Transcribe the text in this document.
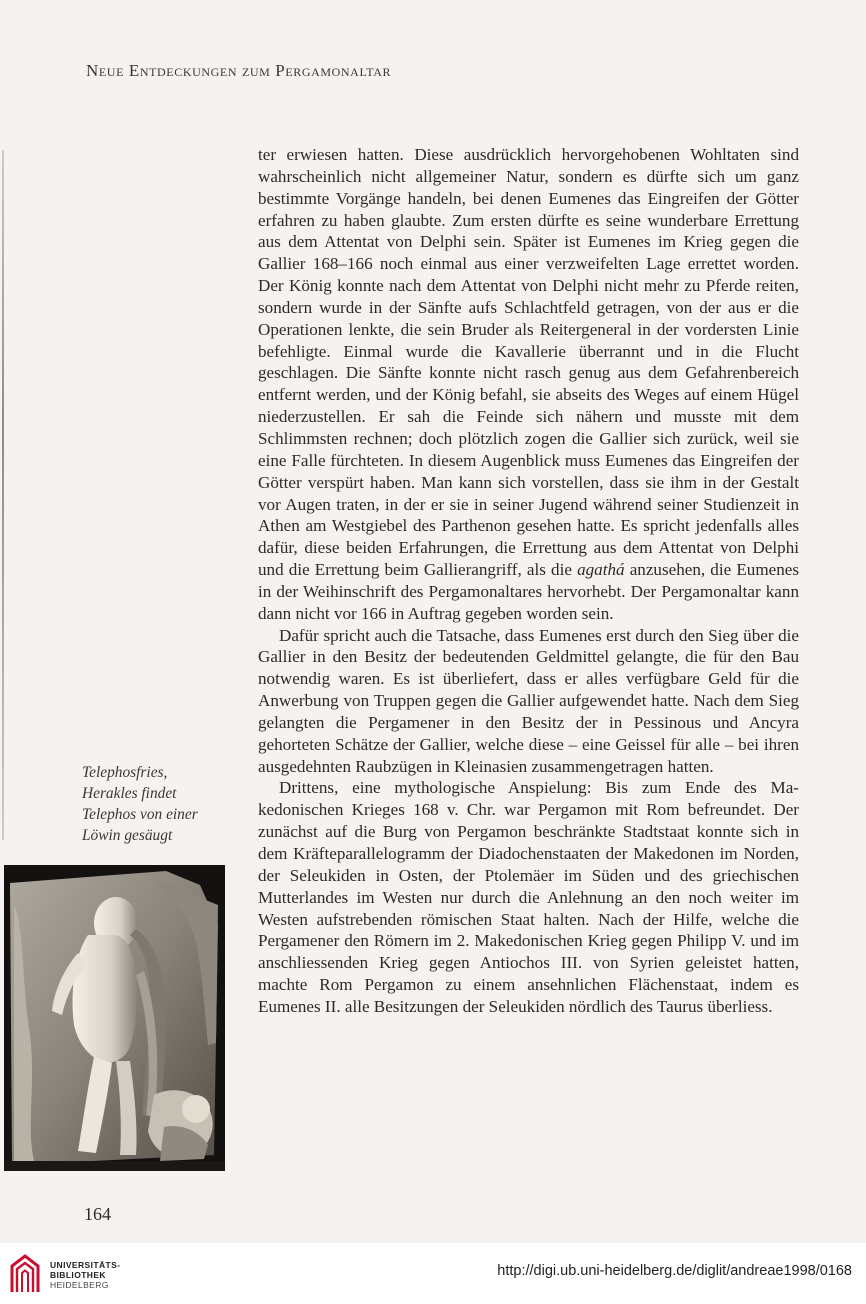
Neue Entdeckungen zum Pergamonaltar

ter erwiesen hatten. Diese ausdrücklich hervorgehobenen Wohltaten sind wahrscheinlich nicht allgemeiner Natur, sondern es dürfte sich um ganz bestimmte Vorgänge handeln, bei denen Eumenes das Eingreifen der Götter erfahren zu haben glaubte. Zum ersten dürfte es seine wunderbare Errettung aus dem Attentat von Delphi sein. Später ist Eumenes im Krieg gegen die Gallier 168–166 noch einmal aus einer verzweifelten Lage errettet worden. Der König konnte nach dem Attentat von Delphi nicht mehr zu Pferde reiten, sondern wurde in der Sänfte aufs Schlachtfeld getragen, von der aus er die Operationen lenkte, die sein Bruder als Reitergeneral in der vordersten Linie befehligte. Einmal wurde die Kavallerie überrannt und in die Flucht geschlagen. Die Sänfte konnte nicht rasch genug aus dem Gefahrenbereich entfernt werden, und der König befahl, sie abseits des Weges auf einem Hügel niederzustellen. Er sah die Feinde sich nähern und musste mit dem Schlimmsten rechnen; doch plötzlich zogen die Gallier sich zurück, weil sie eine Falle fürchteten. In diesem Augenblick muss Eumenes das Eingreifen der Götter verspürt haben. Man kann sich vorstellen, dass sie ihm in der Gestalt vor Augen traten, in der er sie in seiner Jugend während seiner Studienzeit in Athen am Westgiebel des Parthenon gesehen hatte. Es spricht jedenfalls alles dafür, diese beiden Erfahrungen, die Errettung aus dem Attentat von Delphi und die Errettung beim Gallierangriff, als die agathá anzusehen, die Eumenes in der Weihinschrift des Pergamonaltares hervorhebt. Der Pergamonaltar kann dann nicht vor 166 in Auftrag gegeben worden sein.

Dafür spricht auch die Tatsache, dass Eumenes erst durch den Sieg über die Gallier in den Besitz der bedeutenden Geldmittel gelangte, die für den Bau notwendig waren. Es ist überliefert, dass er alles verfügbare Geld für die Anwerbung von Truppen gegen die Gallier aufgewendet hatte. Nach dem Sieg gelangten die Pergamener in den Besitz der in Pessinous und Ancyra gehorteten Schätze der Gallier, welche diese – eine Geissel für alle – bei ihren ausgedehnten Raubzügen in Kleinasien zusammengetragen hatten.

Drittens, eine mythologische Anspielung: Bis zum Ende des Makedonischen Krieges 168 v. Chr. war Pergamon mit Rom befreundet. Der zunächst auf die Burg von Pergamon beschränkte Stadtstaat konnte sich in dem Kräfteparallelogramm der Diadochenstaaten der Makedonen im Norden, der Seleukiden in Osten, der Ptolemäer im Süden und des griechischen Mutterlandes im Westen nur durch die Anlehnung an den noch weiter im Westen aufstrebenden römischen Staat halten. Nach der Hilfe, welche die Pergamener den Römern im 2. Makedonischen Krieg gegen Philipp V. und im anschliessenden Krieg gegen Antiochos III. von Syrien geleistet hatten, machte Rom Pergamon zu einem ansehnlichen Flächenstaat, indem es Eumenes II. alle Besitzungen der Seleukiden nördlich des Taurus überliess.

Telephosfries,
Herakles findet
Telephos von einer
Löwin gesäugt
164
UNIVERSITÄTS-
BIBLIOTHEK
HEIDELBERG
http://digi.ub.uni-heidelberg.de/diglit/andreae1998/0168
